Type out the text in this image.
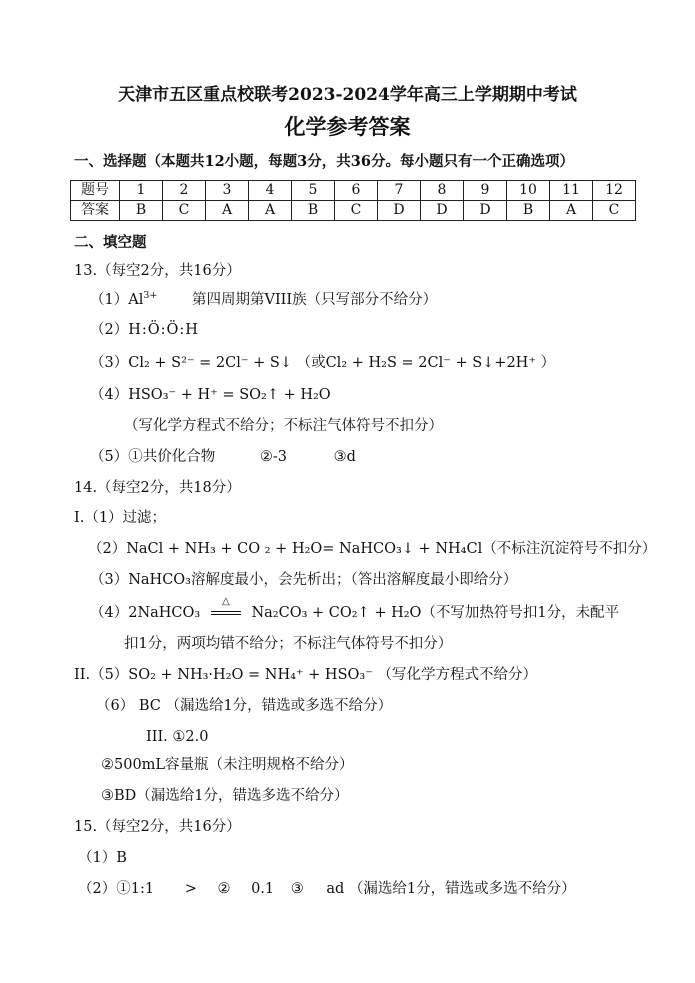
天津市五区重点校联考2023-2024学年高三上学期期中考试
化学参考答案
一、选择题（本题共12小题，每题3分，共36分。每小题只有一个正确选项）
题号	1	2	3	4	5	6	7	8	9	10	11	12
答案	B	C	A	A	B	C	D	D	D	B	A	C
二、填空题
13.（每空2分，共16分）
$(1)Al^{3+}$ 第四周期第VIII族（只写部分不给分）
（2）H:Ö:Ö:H
（3）Cl₂ + S²⁻ = 2Cl⁻ + S↓ （或Cl₂ + H₂S = 2Cl⁻ + S↓+2H⁺ ）
（4）HSO₃⁻ + H⁺ = SO₂↑ + H₂O
（写化学方程式不给分；不标注气体符号不扣分）
（5）①共价化合物	②-3	③d
14.（每空2分，共18分）
I.（1）过滤；
（2）NaCl + NH₃ + CO ₂ + H₂O= NaHCO₃↓ + NH₄Cl（不标注沉淀符号不扣分）
（3）NaHCO₃溶解度最小，会先析出；（答出溶解度最小即给分）
（4）2NaHCO₃
△
Na₂CO₃ + CO₂↑ + H₂O（不写加热符号扣1分，未配平
扣1分，两项均错不给分；不标注气体符号不扣分）
II.（5）SO₂ + NH₃·H₂O = NH₄⁺ + HSO₃⁻ （写化学方程式不给分）
（6） BC （漏选给1分，错选或多选不给分）
III. ①2.0
②500mL容量瓶（未注明规格不给分）
③BD（漏选给1分，错选多选不给分）
15.（每空2分，共16分）
（1）B
（2）①1:1 > ② 0.1 ③ ad （漏选给1分，错选或多选不给分）
